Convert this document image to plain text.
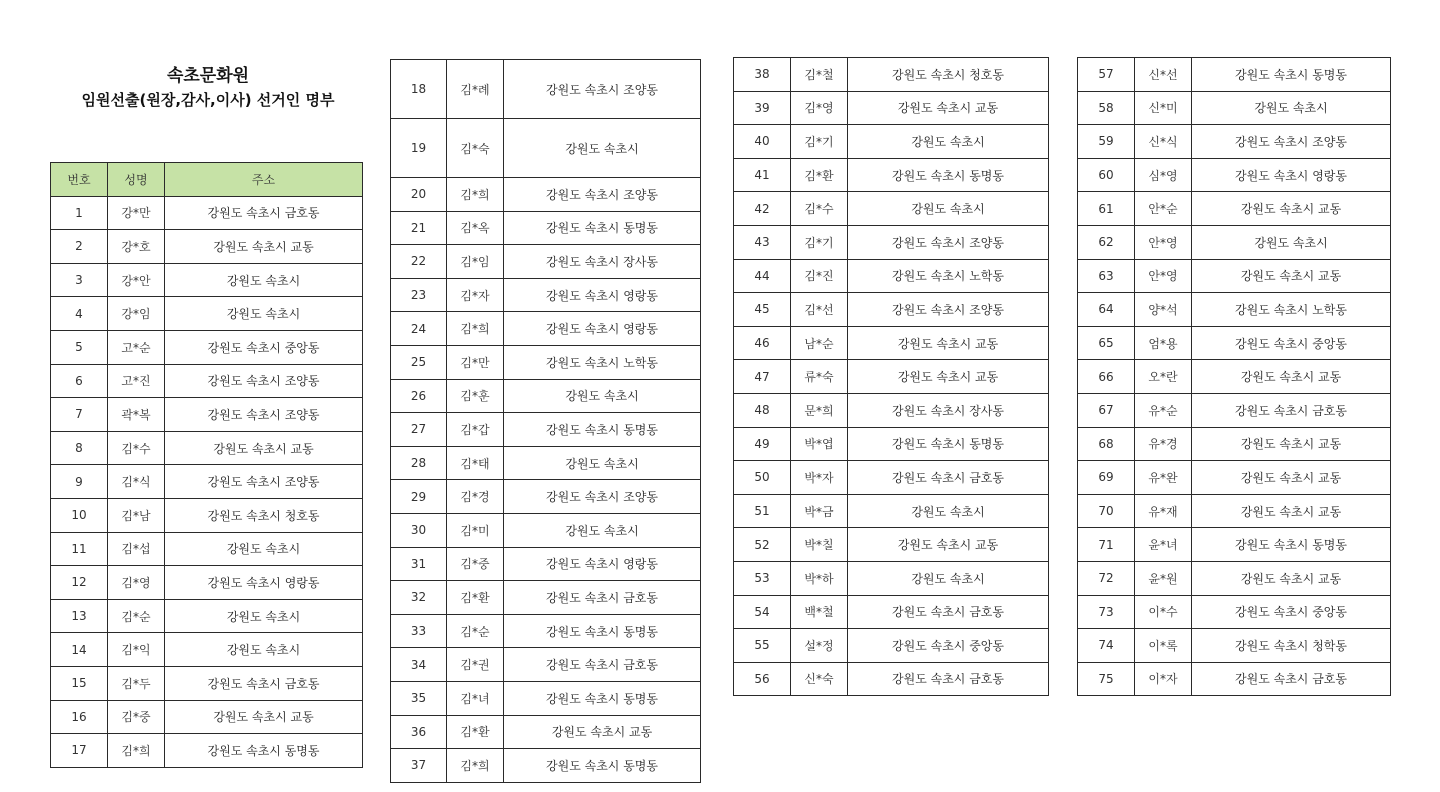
속초문화원
임원선출(원장,감사,이사) 선거인 명부
번호	성명	주소
1	강*만	강원도 속초시 금호동
2	강*호	강원도 속초시 교동
3	강*안	강원도 속초시
4	강*임	강원도 속초시
5	고*순	강원도 속초시 중앙동
6	고*진	강원도 속초시 조양동
7	곽*복	강원도 속초시 조양동
8	김*수	강원도 속초시 교동
9	김*식	강원도 속초시 조양동
10	김*남	강원도 속초시 청호동
11	김*섭	강원도 속초시
12	김*영	강원도 속초시 영랑동
13	김*순	강원도 속초시
14	김*익	강원도 속초시
15	김*두	강원도 속초시 금호동
16	김*중	강원도 속초시 교동
17	김*희	강원도 속초시 동명동
18	김*례	강원도 속초시 조양동
19	김*숙	강원도 속초시
20	김*희	강원도 속초시 조양동
21	김*옥	강원도 속초시 동명동
22	김*임	강원도 속초시 장사동
23	김*자	강원도 속초시 영랑동
24	김*희	강원도 속초시 영랑동
25	김*만	강원도 속초시 노학동
26	김*훈	강원도 속초시
27	김*갑	강원도 속초시 동명동
28	김*태	강원도 속초시
29	김*경	강원도 속초시 조양동
30	김*미	강원도 속초시
31	김*중	강원도 속초시 영랑동
32	김*환	강원도 속초시 금호동
33	김*순	강원도 속초시 동명동
34	김*권	강원도 속초시 금호동
35	김*녀	강원도 속초시 동명동
36	김*환	강원도 속초시 교동
37	김*희	강원도 속초시 동명동
38	김*철	강원도 속초시 청호동
39	김*영	강원도 속초시 교동
40	김*기	강원도 속초시
41	김*환	강원도 속초시 동명동
42	김*수	강원도 속초시
43	김*기	강원도 속초시 조양동
44	김*진	강원도 속초시 노학동
45	김*선	강원도 속초시 조양동
46	남*순	강원도 속초시 교동
47	류*숙	강원도 속초시 교동
48	문*희	강원도 속초시 장사동
49	박*엽	강원도 속초시 동명동
50	박*자	강원도 속초시 금호동
51	박*금	강원도 속초시
52	박*칠	강원도 속초시 교동
53	박*하	강원도 속초시
54	백*철	강원도 속초시 금호동
55	설*정	강원도 속초시 중앙동
56	신*숙	강원도 속초시 금호동
57	신*선	강원도 속초시 동명동
58	신*미	강원도 속초시
59	신*식	강원도 속초시 조양동
60	심*영	강원도 속초시 영랑동
61	안*순	강원도 속초시 교동
62	안*영	강원도 속초시
63	안*영	강원도 속초시 교동
64	양*석	강원도 속초시 노학동
65	엄*용	강원도 속초시 중앙동
66	오*란	강원도 속초시 교동
67	유*순	강원도 속초시 금호동
68	유*경	강원도 속초시 교동
69	유*완	강원도 속초시 교동
70	유*재	강원도 속초시 교동
71	윤*녀	강원도 속초시 동명동
72	윤*원	강원도 속초시 교동
73	이*수	강원도 속초시 중앙동
74	이*록	강원도 속초시 청학동
75	이*자	강원도 속초시 금호동
